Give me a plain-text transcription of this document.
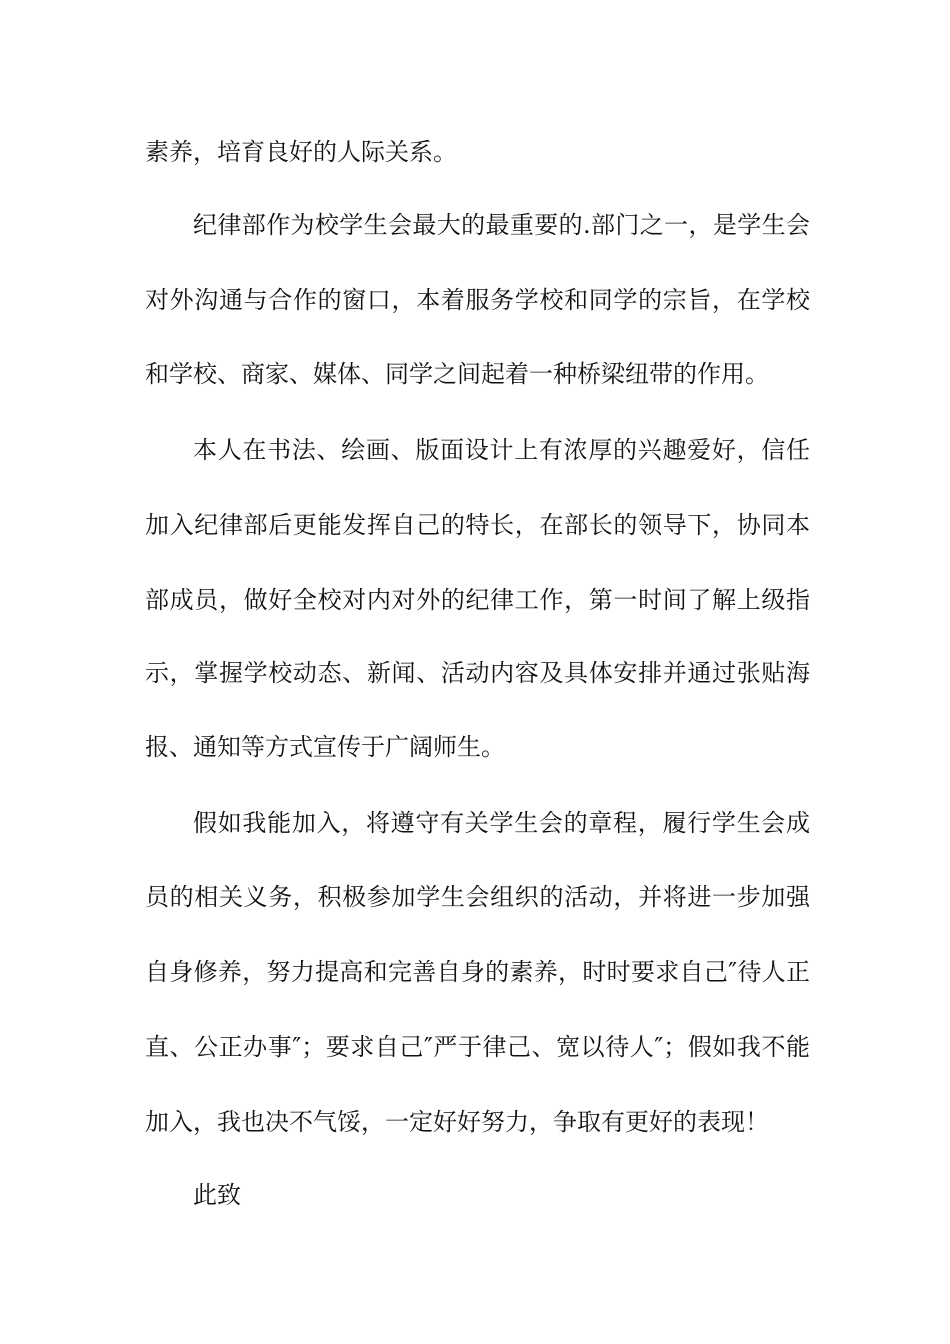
素养，培育良好的人际关系。
纪律部作为校学生会最大的最重要的.部门之一，是学生会
对外沟通与合作的窗口，本着服务学校和同学的宗旨，在学校
和学校、商家、媒体、同学之间起着一种桥梁纽带的作用。
本人在书法、绘画、版面设计上有浓厚的兴趣爱好，信任
加入纪律部后更能发挥自己的特长，在部长的领导下，协同本
部成员，做好全校对内对外的纪律工作，第一时间了解上级指
示，掌握学校动态、新闻、活动内容及具体安排并通过张贴海
报、通知等方式宣传于广阔师生。
假如我能加入，将遵守有关学生会的章程，履行学生会成
员的相关义务，积极参加学生会组织的活动，并将进一步加强
自身修养，努力提高和完善自身的素养，时时要求自己″待人正
直、公正办事″；要求自己″严于律己、宽以待人″；假如我不能
加入，我也决不气馁，一定好好努力，争取有更好的表现！
此致
